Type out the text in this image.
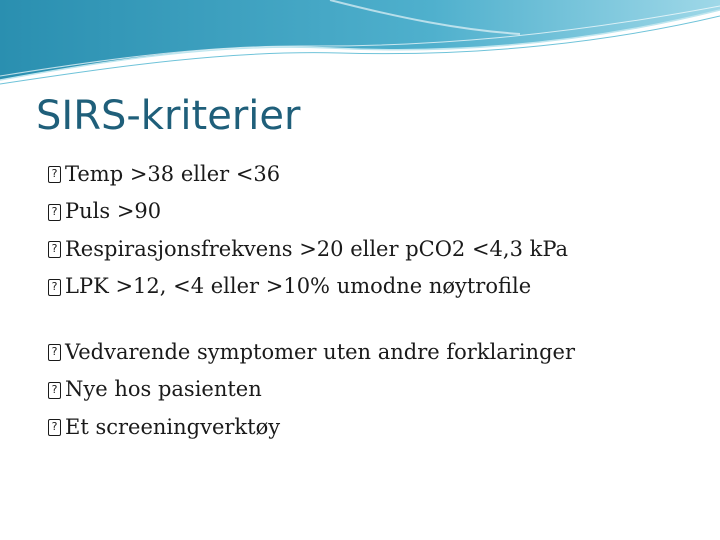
SIRS-kriterier
?
Temp >38 eller <36
?
Puls >90
?
Respirasjonsfrekvens >20 eller pCO2 <4,3 kPa
?
LPK >12, <4 eller >10% umodne nøytrofile
?
Vedvarende symptomer uten andre forklaringer
?
Nye hos pasienten
?
Et screeningverktøy
